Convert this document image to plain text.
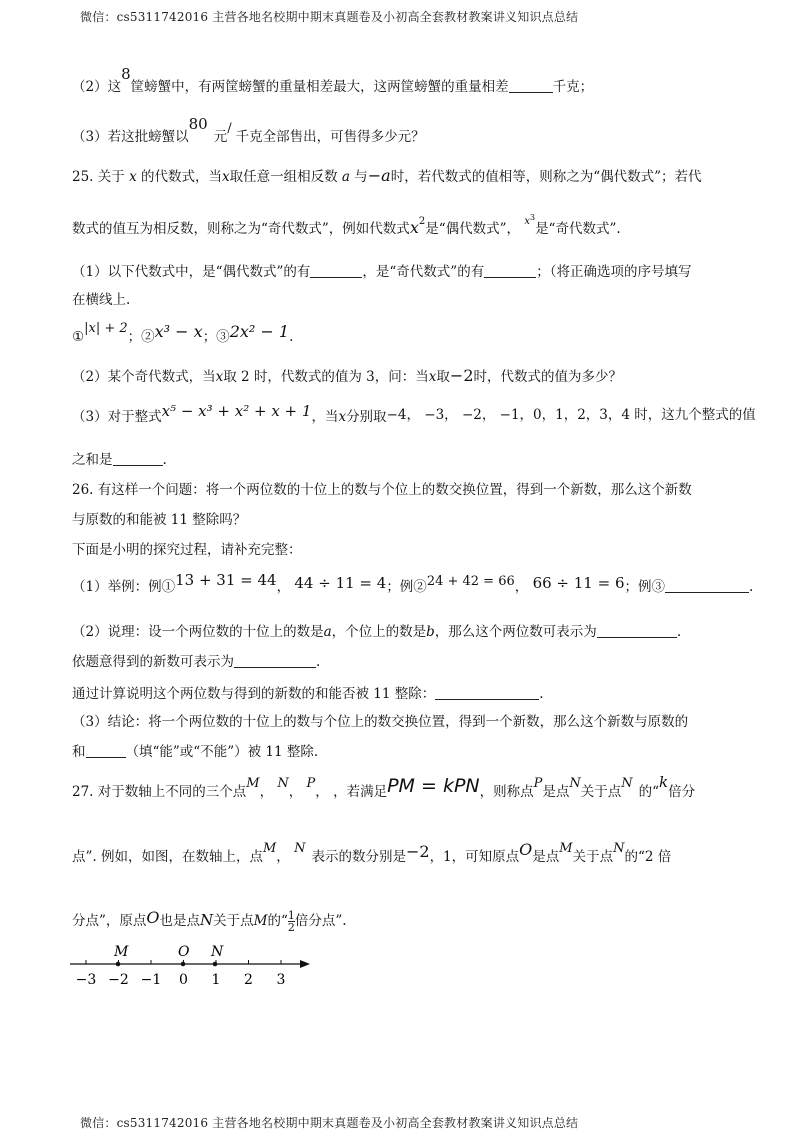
微信：cs5311742016 主营各地名校期中期末真题卷及小初高全套教材教案讲义知识点总结
（2）这8筐螃蟹中，有两筐螃蟹的重量相差最大，这两筐螃蟹的重量相差	千克；
（3）若这批螃蟹以80元/千克全部售出，可售得多少元？
25. 关于 x 的代数式，当x取任意一组相反数 a 与−a时，若代数式的值相等，则称之为“偶代数式”；若代
数式的值互为相反数，则称之为“奇代数式”，例如代数式$x^2$是“偶代数式”， $^{x3}$是“奇代数式”.
（1）以下代数式中，是“偶代数式”的有	，是“奇代数式”的有	；（将正确选项的序号填写
在横线上.
①|x| + 2；②x³ − x；③2x² − 1.
（2）某个奇代数式，当x取 2 时，代数式的值为 3，问：当x取−2时，代数式的值为多少？
（3）对于整式x⁵ − x³ + x² + x + 1，当x分别取−4， −3， −2， −1，0，1，2，3，4 时，这九个整式的值
之和是	.
26. 有这样一个问题：将一个两位数的十位上的数与个位上的数交换位置，得到一个新数，那么这个新数
与原数的和能被 11 整除吗？
下面是小明的探究过程，请补充完整：
（1）举例：例①13 + 31 = 44， 44 ÷ 11 = 4；例②24 + 42 = 66， 66 ÷ 11 = 6；例③	.
（2）说理：设一个两位数的十位上的数是a，个位上的数是b，那么这个两位数可表示为	.
依题意得到的新数可表示为	.
通过计算说明这个两位数与得到的新数的和能否被 11 整除：	.
（3）结论：将一个两位数的十位上的数与个位上的数交换位置，得到一个新数，那么这个新数与原数的
和	（填“能”或“不能”）被 11 整除.
27. 对于数轴上不同的三个点M， N， P， ，若满足PM = kPN，则称点P是点N关于点N的“k倍分
点”. 例如，如图，在数轴上，点M， N表示的数分别是−2，1，可知原点O是点M关于点N的“2 倍
分点”，原点O也是点N关于点M的“ $\frac{1}{2}$ 倍分点”.
−3 −2 −1 0 1 2 3
M	O N
微信：cs5311742016 主营各地名校期中期末真题卷及小初高全套教材教案讲义知识点总结
